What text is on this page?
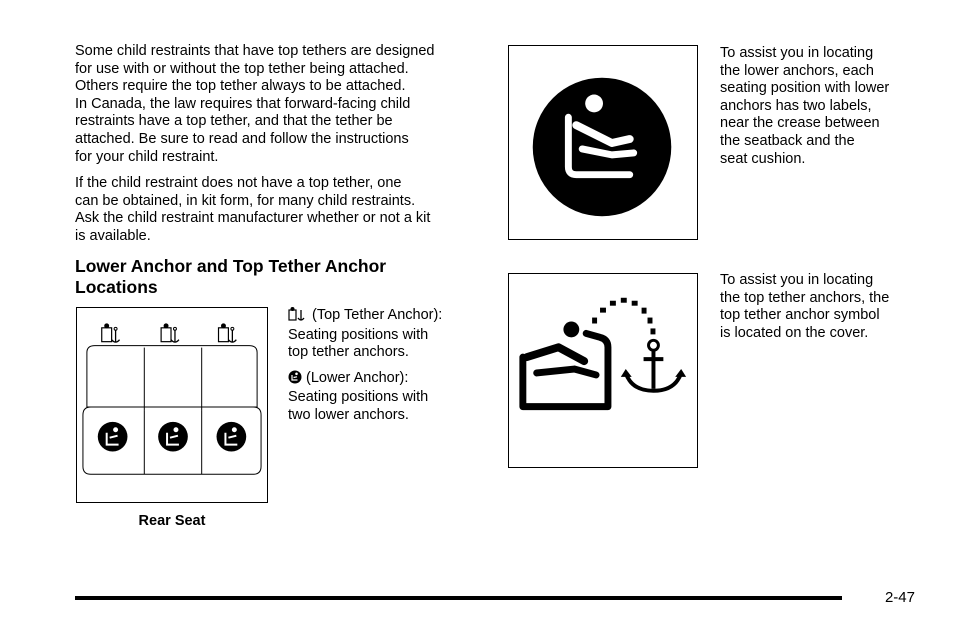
Some child restraints that have top tethers are designed
for use with or without the top tether being attached.
Others require the top tether always to be attached.
In Canada, the law requires that forward-facing child
restraints have a top tether, and that the tether be
attached. Be sure to read and follow the instructions
for your child restraint.

If the child restraint does not have a top tether, one
can be obtained, in kit form, for many child restraints.
Ask the child restraint manufacturer whether or not a kit
is available.

Lower Anchor and Top Tether Anchor
Locations

Rear Seat

(Top Tether Anchor):
Seating positions with
top tether anchors.

(Lower Anchor):
Seating positions with
two lower anchors.

To assist you in locating
the lower anchors, each
seating position with lower
anchors has two labels,
near the crease between
the seatback and the
seat cushion.
To assist you in locating
the top tether anchors, the
top tether anchor symbol
is located on the cover.
2-47
